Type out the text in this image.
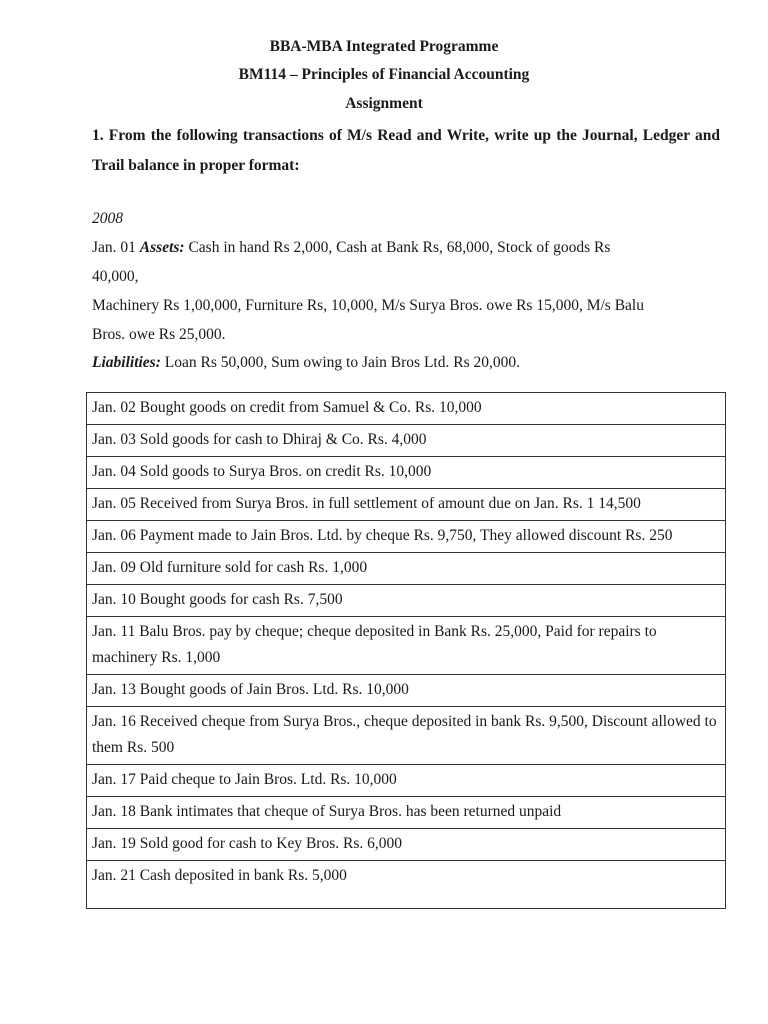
BBA-MBA Integrated Programme
BM114 – Principles of Financial Accounting
Assignment
1. From the following transactions of M/s Read and Write, write up the Journal, Ledger and Trail balance in proper format:
2008
Jan. 01 Assets: Cash in hand Rs 2,000, Cash at Bank Rs, 68,000, Stock of goods Rs
40,000,
Machinery Rs 1,00,000, Furniture Rs, 10,000, M/s Surya Bros. owe Rs 15,000, M/s Balu
Bros. owe Rs 25,000.
Liabilities: Loan Rs 50,000, Sum owing to Jain Bros Ltd. Rs 20,000.
Jan. 02 Bought goods on credit from Samuel & Co. Rs. 10,000
Jan. 03 Sold goods for cash to Dhiraj & Co. Rs. 4,000
Jan. 04 Sold goods to Surya Bros. on credit Rs. 10,000
Jan. 05 Received from Surya Bros. in full settlement of amount due on Jan. Rs. 1 14,500
Jan. 06 Payment made to Jain Bros. Ltd. by cheque Rs. 9,750, They allowed discount Rs. 250
Jan. 09 Old furniture sold for cash Rs. 1,000
Jan. 10 Bought goods for cash Rs. 7,500
Jan. 11 Balu Bros. pay by cheque; cheque deposited in Bank Rs. 25,000, Paid for repairs to machinery Rs. 1,000
Jan. 13 Bought goods of Jain Bros. Ltd. Rs. 10,000
Jan. 16 Received cheque from Surya Bros., cheque deposited in bank Rs. 9,500, Discount allowed to them Rs. 500
Jan. 17 Paid cheque to Jain Bros. Ltd. Rs. 10,000
Jan. 18 Bank intimates that cheque of Surya Bros. has been returned unpaid
Jan. 19 Sold good for cash to Key Bros. Rs. 6,000
Jan. 21 Cash deposited in bank Rs. 5,000
